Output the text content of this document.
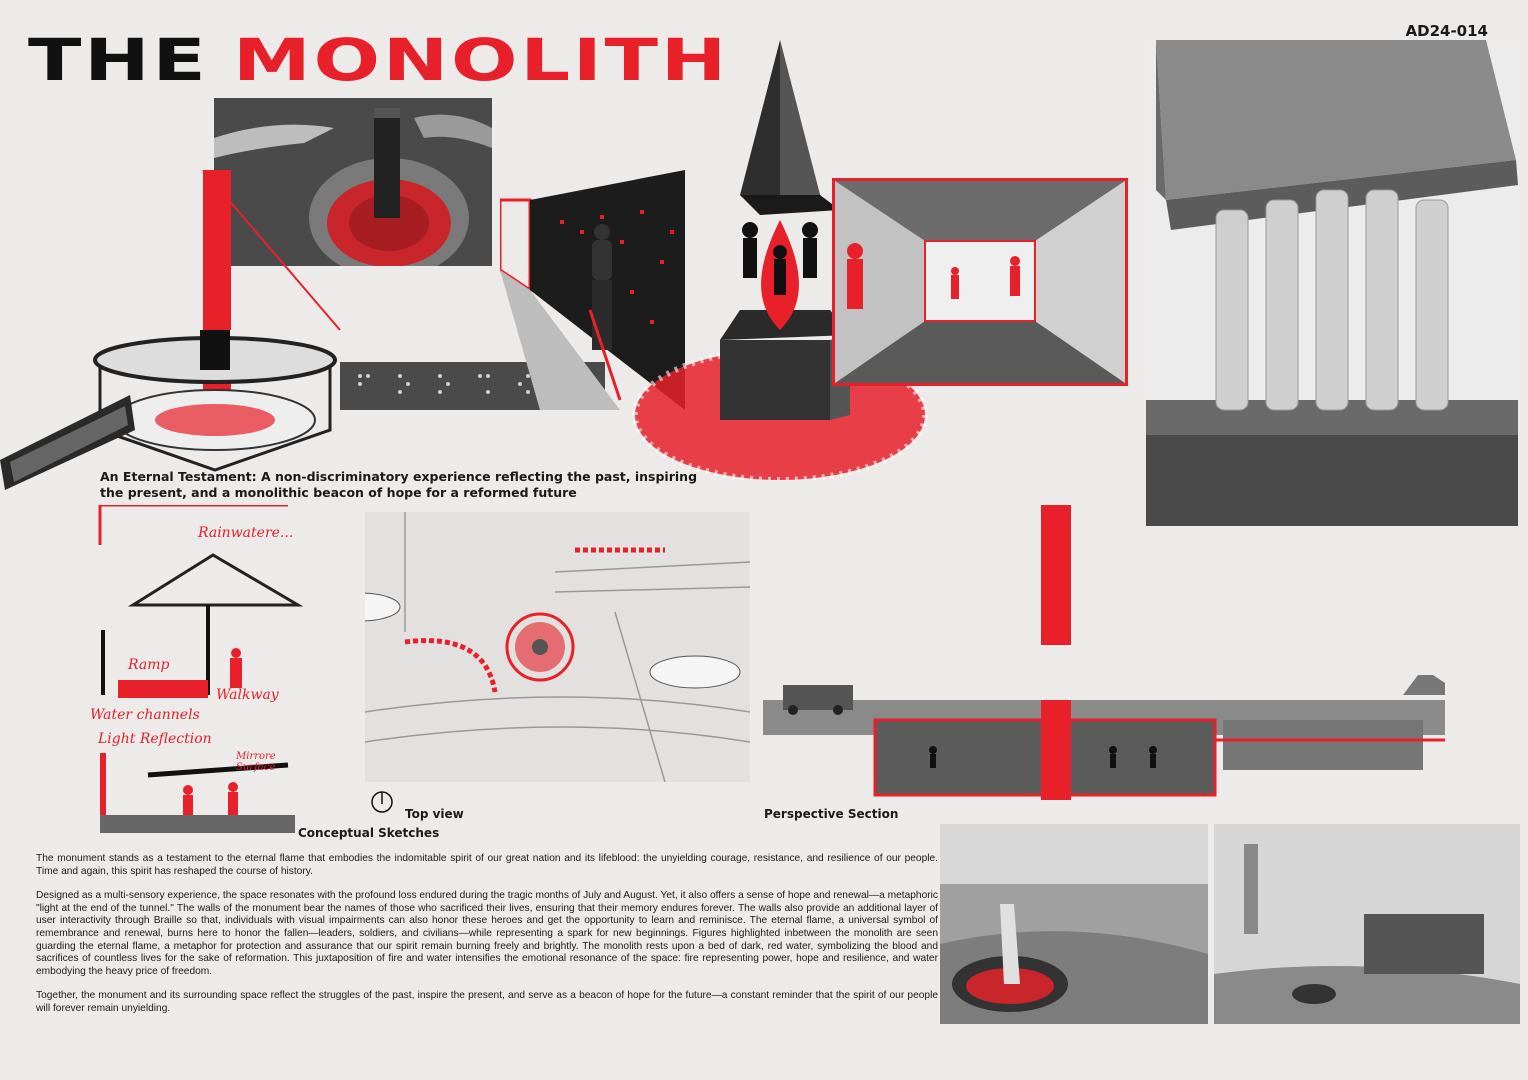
THE MONOLITH	AD24-014
An Eternal Testament: A non-discriminatory experience reflecting the past, inspiring the present, and a monolithic beacon of hope for a reformed future
Rainwatere...
Ramp
Walkway
Water channels
Light Reflection
Mirrore Surface
Conceptual Sketches
Top view	Perspective Section

The monument stands as a testament to the eternal flame that embodies the indomitable spirit of our great nation and its lifeblood: the unyielding courage, resistance, and resilience of our people. Time and again, this spirit has reshaped the course of history.

Designed as a multi-sensory experience, the space resonates with the profound loss endured during the tragic months of July and August. Yet, it also offers a sense of hope and renewal—a metaphoric "light at the end of the tunnel." The walls of the monument bear the names of those who sacrificed their lives, ensuring that their memory endures forever. The walls also provide an additional layer of user interactivity through Braille so that, individuals with visual impairments can also honor these heroes and get the opportunity to learn and reminisce. The eternal flame, a universal symbol of remembrance and renewal, burns here to honor the fallen—leaders, soldiers, and civilians—while representing a spark for new beginnings. Figures highlighted inbetween the monolith are seen guarding the eternal flame, a metaphor for protection and assurance that our spirit remain burning freely and brightly. The monolith rests upon a bed of dark, red water, symbolizing the blood and sacrifices of countless lives for the sake of reformation. This juxtaposition of fire and water intensifies the emotional resonance of the space: fire representing power, hope and resilience, and water embodying the heavy price of freedom.

Together, the monument and its surrounding space reflect the struggles of the past, inspire the present, and serve as a beacon of hope for the future—a constant reminder that the spirit of our people will forever remain unyielding.
